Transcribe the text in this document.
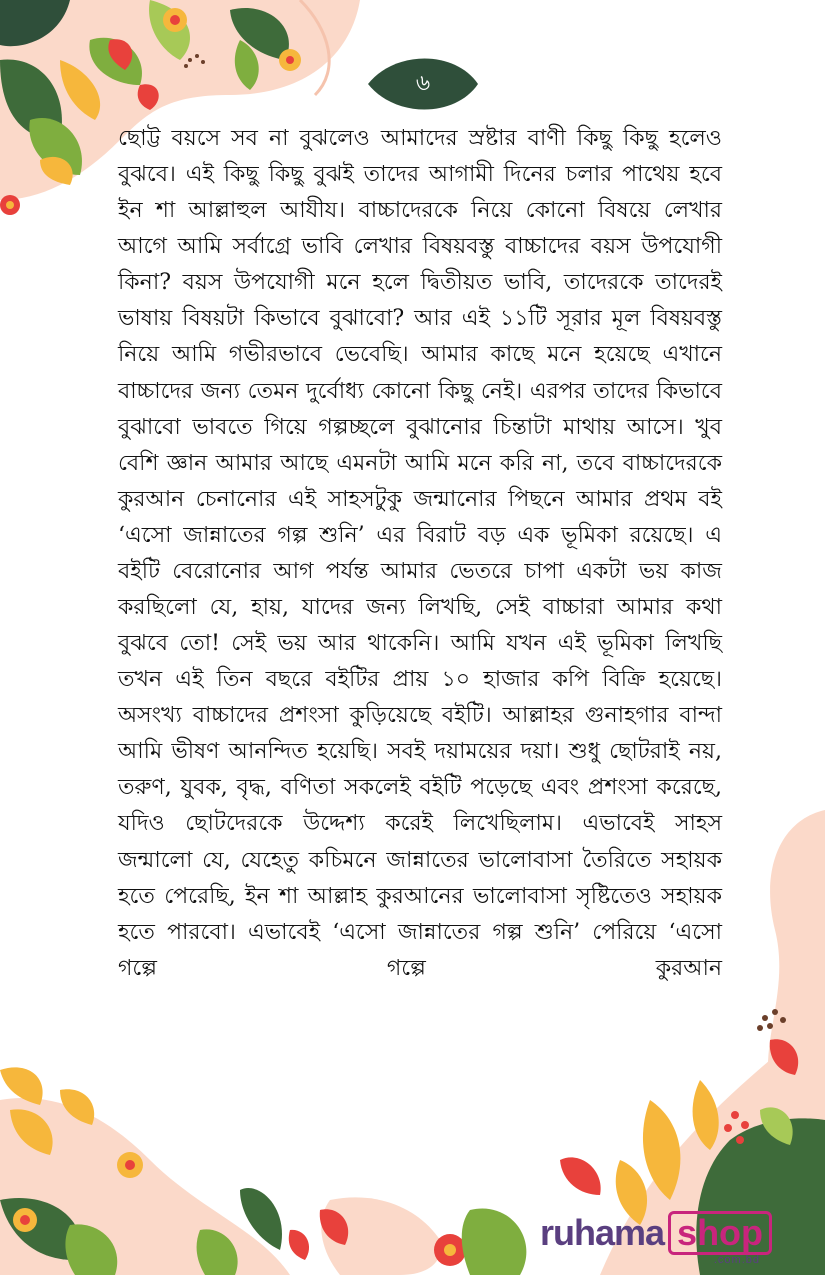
৬

ছোট্ট বয়সে সব না বুঝলেও আমাদের স্রষ্টার বাণী কিছু কিছু হলেও বুঝবে। এই কিছু কিছু বুঝই তাদের আগামী দিনের চলার পাথেয় হবে ইন শা আল্লাহুল আযীয। বাচ্চাদেরকে নিয়ে কোনো বিষয়ে লেখার আগে আমি সর্বাগ্রে ভাবি লেখার বিষয়বস্তু বাচ্চাদের বয়স উপযোগী কিনা? বয়স উপযোগী মনে হলে দ্বিতীয়ত ভাবি, তাদেরকে তাদেরই ভাষায় বিষয়টা কিভাবে বুঝাবো? আর এই ১১টি সূরার মূল বিষয়বস্তু নিয়ে আমি গভীরভাবে ভেবেছি। আমার কাছে মনে হয়েছে এখানে বাচ্চাদের জন্য তেমন দুর্বোধ্য কোনো কিছু নেই। এরপর তাদের কিভাবে বুঝাবো ভাবতে গিয়ে গল্পচ্ছলে বুঝানোর চিন্তাটা মাথায় আসে। খুব বেশি জ্ঞান আমার আছে এমনটা আমি মনে করি না, তবে বাচ্চাদেরকে কুরআন চেনানোর এই সাহসটুকু জন্মানোর পিছনে আমার প্রথম বই ‘এসো জান্নাতের গল্প শুনি’ এর বিরাট বড় এক ভূমিকা রয়েছে। এ বইটি বেরোনোর আগ পর্যন্ত আমার ভেতরে চাপা একটা ভয় কাজ করছিলো যে, হায়, যাদের জন্য লিখছি, সেই বাচ্চারা আমার কথা বুঝবে তো! সেই ভয় আর থাকেনি। আমি যখন এই ভূমিকা লিখছি তখন এই তিন বছরে বইটির প্রায় ১০ হাজার কপি বিক্রি হয়েছে। অসংখ্য বাচ্চাদের প্রশংসা কুড়িয়েছে বইটি। আল্লাহর গুনাহগার বান্দা আমি ভীষণ আনন্দিত হয়েছি। সবই দয়াময়ের দয়া। শুধু ছোটরাই নয়, তরুণ, যুবক, বৃদ্ধ, বণিতা সকলেই বইটি পড়েছে এবং প্রশংসা করেছে, যদিও ছোটদেরকে উদ্দেশ্য করেই লিখেছিলাম। এভাবেই সাহস জন্মালো যে, যেহেতু কচিমনে জান্নাতের ভালোবাসা তৈরিতে সহায়ক হতে পেরেছি, ইন শা আল্লাহ কুরআনের ভালোবাসা সৃষ্টিতেও সহায়ক হতে পারবো। এভাবেই ‘এসো জান্নাতের গল্প শুনি’ পেরিয়ে ‘এসো গল্পে গল্পে কুরআন

ruhama shop
.com.bd
